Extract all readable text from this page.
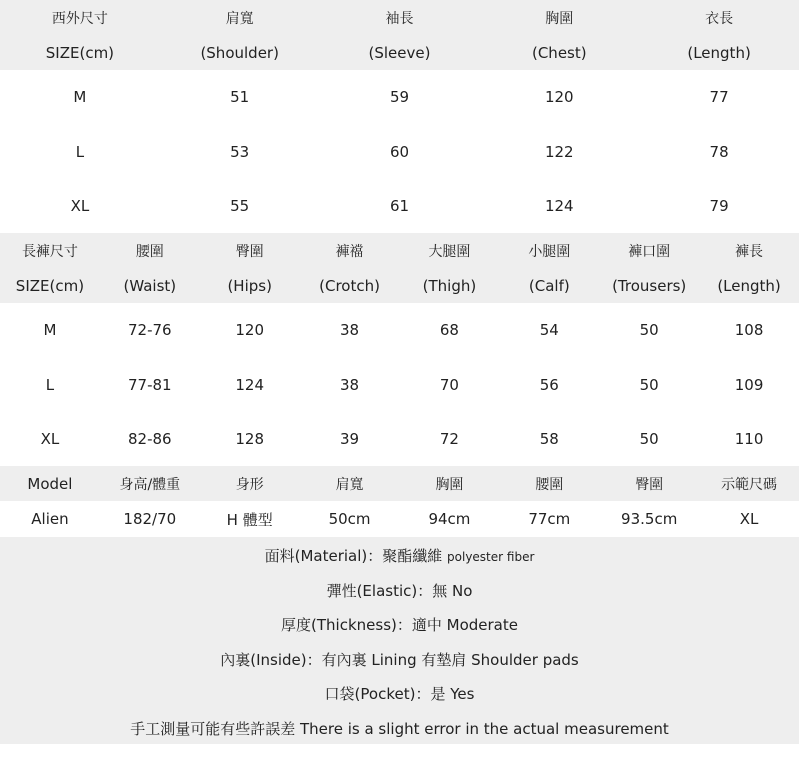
西外尺寸	肩寬	袖長	胸圍	衣長
SIZE(cm)	(Shoulder)	(Sleeve)	(Chest)	(Length)
M	51	59	120	77
L	53	60	122	78
XL	55	61	124	79
長褲尺寸	腰圍	臀圍	褲襠	大腿圍	小腿圍	褲口圍	褲長
SIZE(cm)	(Waist)	(Hips)	(Crotch)	(Thigh)	(Calf)	(Trousers)	(Length)
M	72-76	120	38	68	54	50	108
L	77-81	124	38	70	56	50	109
XL	82-86	128	39	72	58	50	110
Model	身高/體重	身形	肩寬	胸圍	腰圍	臀圍	示範尺碼
Alien	182/70	H 體型	50cm	94cm	77cm	93.5cm	XL
面料(Material)：聚酯纖維 polyester fiber
彈性(Elastic)：無 No
厚度(Thickness)：適中 Moderate
內裏(Inside)：有內裏 Lining 有墊肩 Shoulder pads
口袋(Pocket)：是 Yes
手工測量可能有些許誤差 There is a slight error in the actual measurement
